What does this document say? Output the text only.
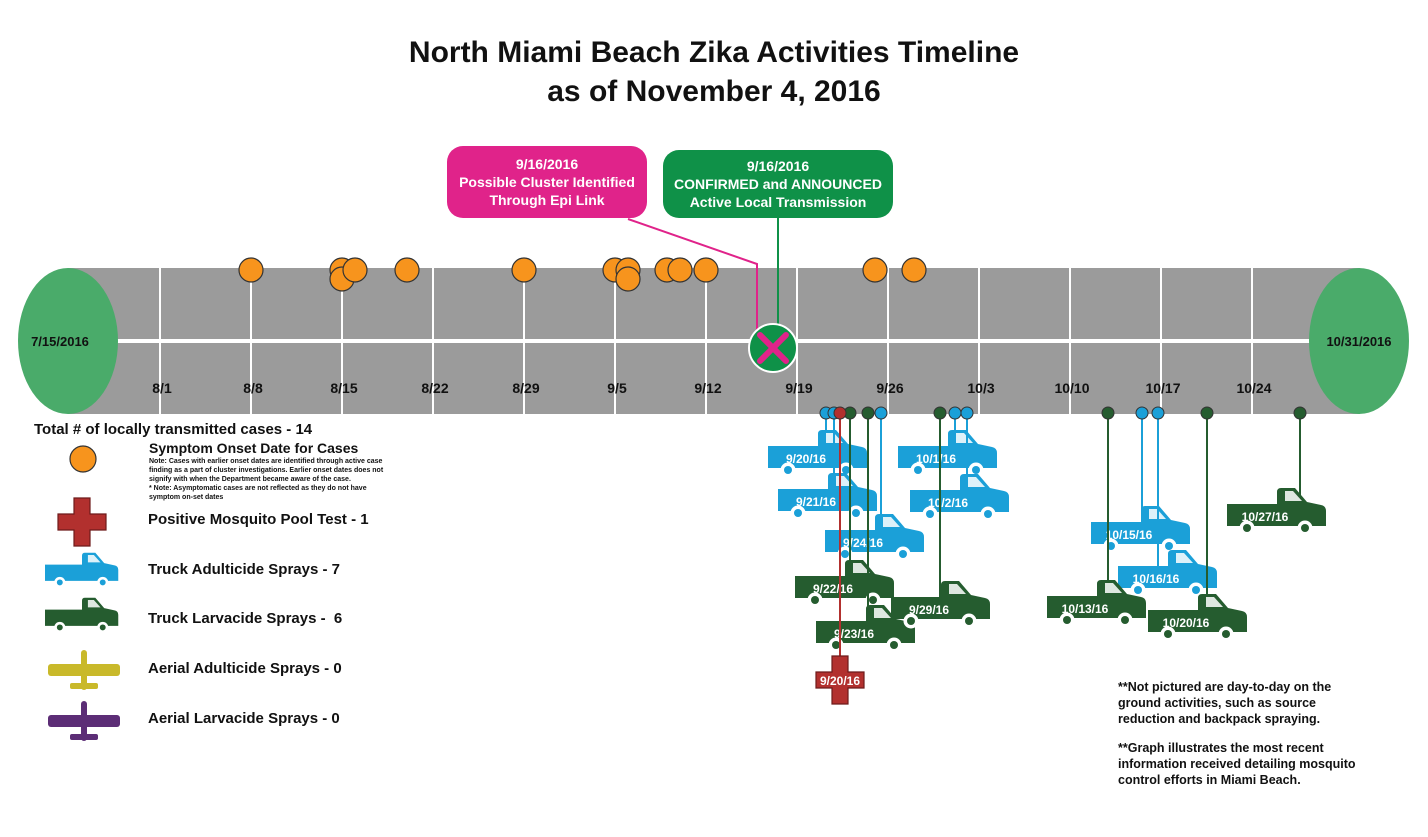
North Miami Beach Zika Activities Timeline
as of November 4, 2016
7/15/2016	10/31/2016
8/1	8/8	8/15	8/22	8/29	9/5	9/12	9/19	9/26	10/3	10/10	10/17	10/24
9/20/16
9/21/16
9/24/16
10/1/16
10/2/16
10/15/16
10/16/16
9/22/16
9/23/16
9/29/16	10/13/16
10/20/16
10/27/16
9/20/16
9/16/2016
Possible Cluster Identified
Through Epi Link
9/16/2016
CONFIRMED and ANNOUNCED
Active Local Transmission
Total # of locally transmitted cases - 14
Symptom Onset Date for Cases
Note: Cases with earlier onset dates are identified through active case
finding as a part of cluster investigations. Earlier onset dates does not
signify with when the Department became aware of the case.
* Note: Asymptomatic cases are not reflected as they do not have
symptom on-set dates
Positive Mosquito Pool Test - 1
Truck Adulticide Sprays - 7
Truck Larvacide Sprays -  6
Aerial Adulticide Sprays - 0
Aerial Larvacide Sprays - 0
**Not pictured are day-to-day on the
ground activities, such as source
reduction and backpack spraying.
**Graph illustrates the most recent
information received detailing mosquito
control efforts in Miami Beach.
